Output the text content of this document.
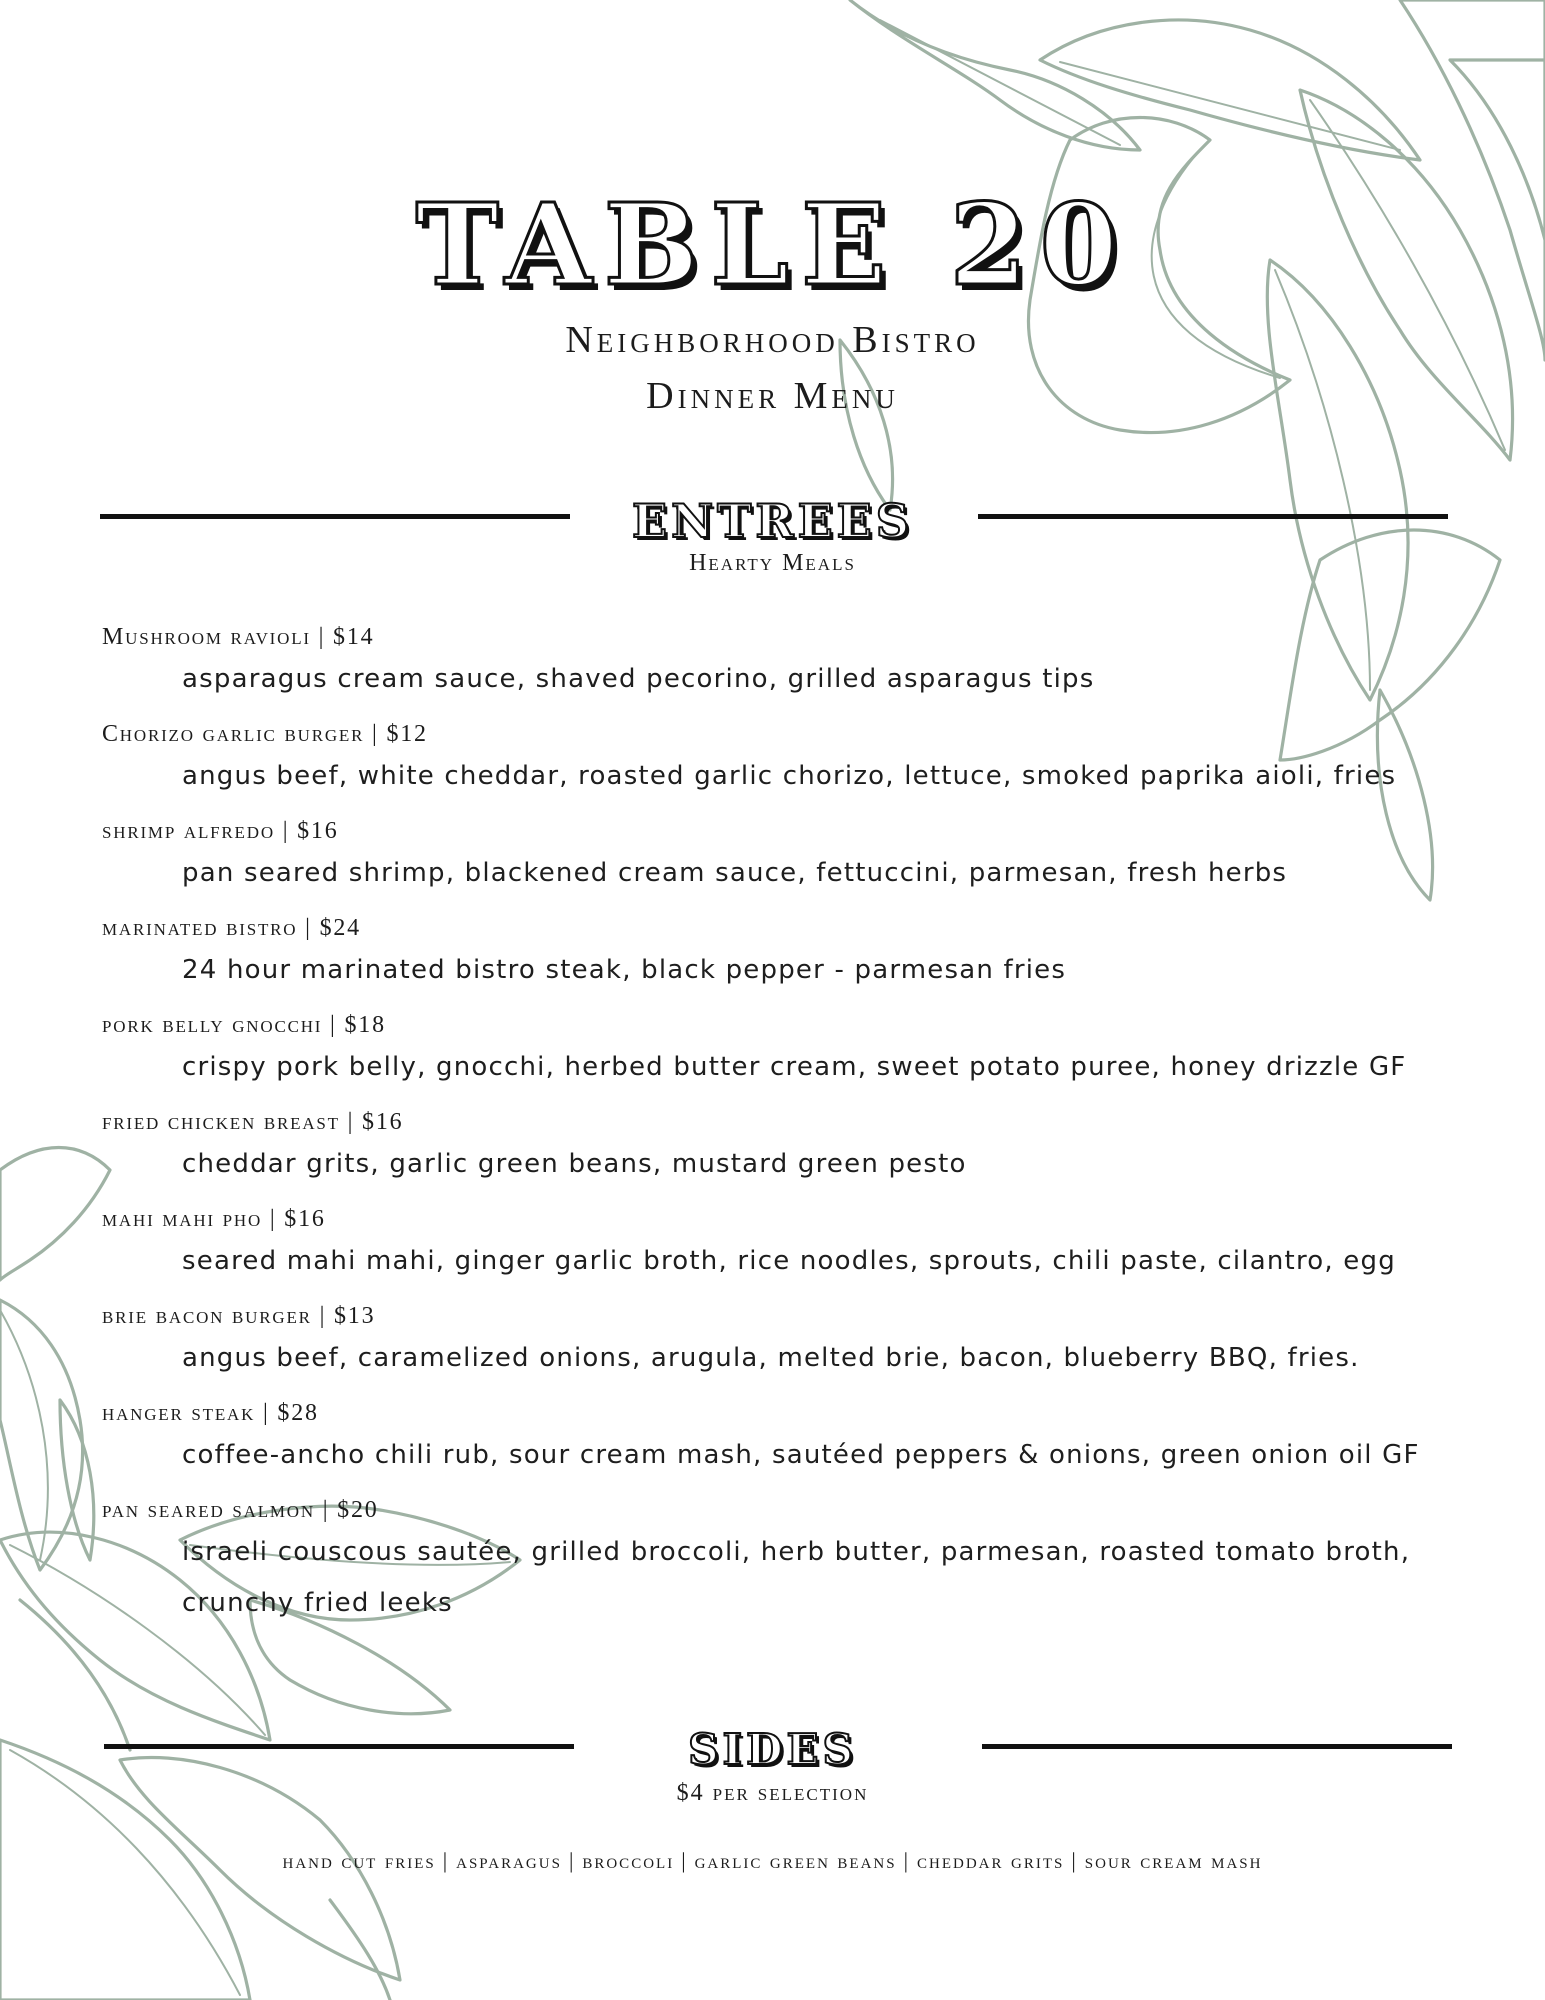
TABLE 20
Neighborhood Bistro
Dinner Menu
ENTREES
Hearty Meals
Mushroom ravioli | $14
asparagus cream sauce, shaved pecorino, grilled asparagus tips
Chorizo garlic burger | $12
angus beef, white cheddar, roasted garlic chorizo, lettuce, smoked paprika aioli, fries
shrimp alfredo | $16
pan seared shrimp, blackened cream sauce, fettuccini, parmesan, fresh herbs
marinated bistro | $24
24 hour marinated bistro steak, black pepper - parmesan fries
pork belly gnocchi | $18
crispy pork belly, gnocchi, herbed butter cream, sweet potato puree, honey drizzle GF
fried chicken breast | $16
cheddar grits, garlic green beans, mustard green pesto
mahi mahi pho | $16
seared mahi mahi, ginger garlic broth, rice noodles, sprouts, chili paste, cilantro, egg
brie bacon burger | $13
angus beef, caramelized onions, arugula, melted brie, bacon, blueberry BBQ, fries.
hanger steak | $28
coffee-ancho chili rub, sour cream mash, sautéed peppers & onions, green onion oil GF
pan seared salmon | $20
israeli couscous sautée, grilled broccoli, herb butter, parmesan, roasted tomato broth, crunchy fried leeks
SIDES
$4 per selection
hand cut fries | asparagus | broccoli | garlic green beans | cheddar grits | sour cream mash
